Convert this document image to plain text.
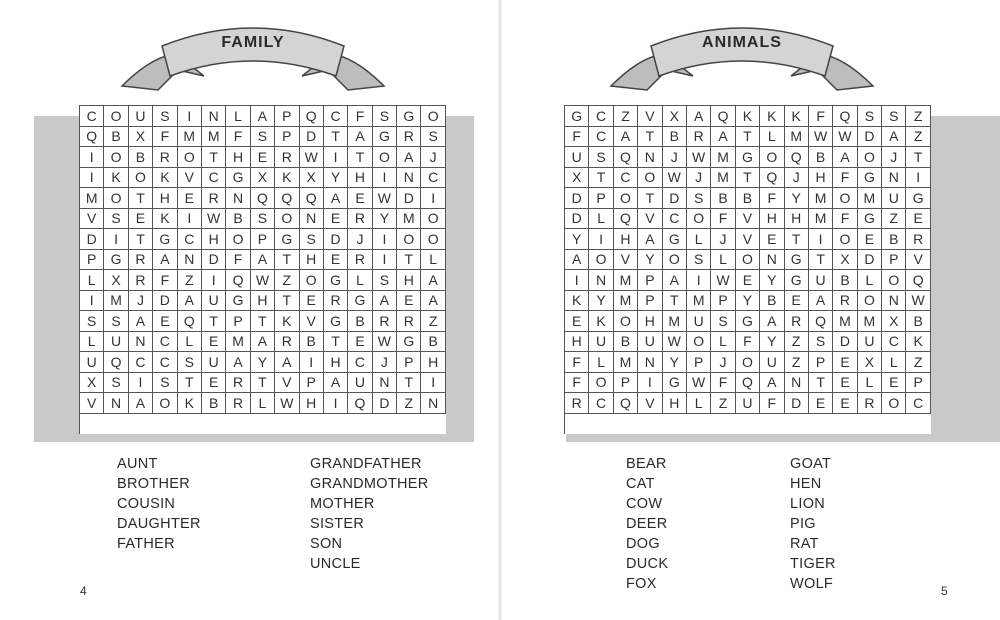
FAMILY
C O U	S	I	N	L	A	P	Q C	F	S	G O
Q	B	X	F	M M	F	S	P	D	T	A	G R	S
I	O	B	R O	T	H	E	R W	I	T	O	A	J
I	K	O	K	V	C G	X	K	X	Y	H	I	N	C
M O	T	H	E	R	N Q Q Q	A	E W D	I
V	S	E	K	I	W B	S	O N	E	R	Y M O
D	I	T	G C	H O	P	G	S	D	J	I	O O
P	G R	A	N	D	F	A	T	H	E	R	I	T	L
L	X	R	F	Z	I	Q W Z	O G	L	S	H	A
I	M	J	D	A	U G H	T	E	R G	A	E	A
S	S	A	E	Q	T	P	T	K	V	G	B	R	R	Z
L	U	N	C	L	E M A	R	B	T	E W G	B
U Q C	C	S	U	A	Y	A	I	H	C	J	P	H
X	S	I	S	T	E	R	T	V	P	A	U	N	T	I
V	N	A	O	K	B	R	L W H	I	Q D	Z	N
AUNT
BROTHER
COUSIN
DAUGHTER
FATHER
GRANDFATHER
GRANDMOTHER
MOTHER
SISTER
SON
UNCLE
4
ANIMALS
G C	Z	V	X	A	Q	K	K	K	F	Q	S	S	Z
F	C	A	T	B	R	A	T	L	M W W D	A	Z
U	S	Q N	J	W M G O Q	B	A	O	J	T
X	T	C O W	J	M	T	Q	J	H	F	G N	I
D	P	O	T	D	S	B	B	F	Y M O M U G
D	L	Q	V	C O	F	V	H	H M	F	G	Z	E
Y	I	H	A	G	L	J	V	E	T	I	O	E	B	R
A	O	V	Y	O	S	L	O N G	T	X	D	P	V
I	N M P	A	I	W E	Y	G U	B	L	O Q
K	Y M P	T	M P	Y	B	E	A	R O N W
E	K	O H M U	S	G	A	R Q M M X	B
H	U	B	U W O	L	F	Y	Z	S	D	U	C	K
F	L	M N	Y	P	J	O U	Z	P	E	X	L	Z
F	O	P	I	G W F	Q	A	N	T	E	L	E	P
R	C Q	V	H	L	Z	U	F	D	E	E	R O C
BEAR
CAT
COW
DEER
DOG
DUCK
FOX
GOAT
HEN
LION
PIG
RAT
TIGER
WOLF	5
